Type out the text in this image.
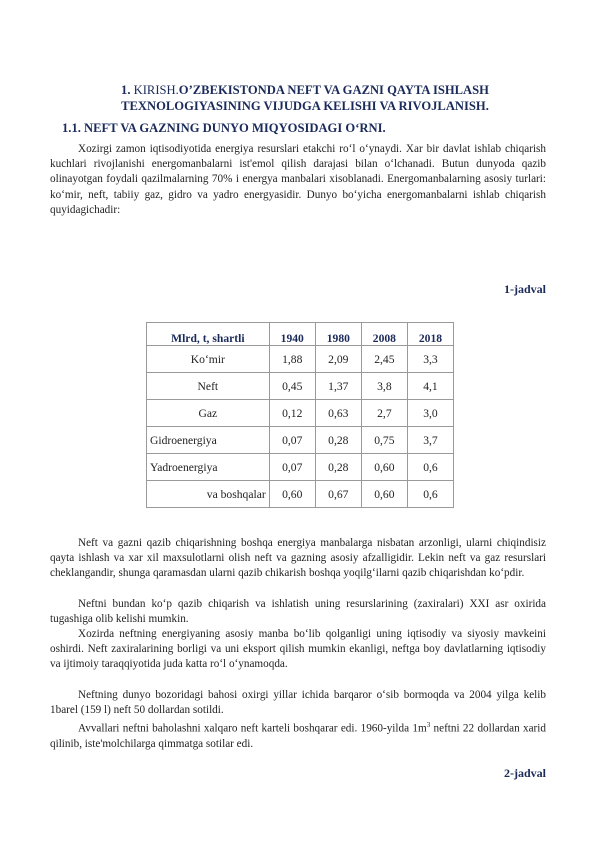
1. KIRISH.O’ZBEKISTONDA NEFT VA GAZNI QAYTA ISHLASH TEXNOLOGIYASINING VIJUDGA KELISHI VA RIVOJLANISH.
1.1. NEFT VA GAZNING DUNYO MIQYOSIDAGI O‘RNI.

Xozirgi zamon iqtisodiyotida energiya resurslari etakchi ro‘l o‘ynaydi. Xar bir davlat ishlab chiqarish kuchlari rivojlanishi energomanbalarni ist'emol qilish darajasi bilan o‘lchanadi. Butun dunyoda qazib olinayotgan foydali qazilmalarning 70% i energya manbalari xisoblanadi. Energomanbalarning asosiy turlari: ko‘mir, neft, tabiiy gaz, gidro va yadro energyasidir. Dunyo bo‘yicha energomanbalarni ishlab chiqarish quyidagichadir:

1-jadval
Mlrd, t, shartli	1940	1980	2008	2018
Ko‘mir	1,88	2,09	2,45	3,3
Neft	0,45	1,37	3,8	4,1
Gaz	0,12	0,63	2,7	3,0
Gidroenergiya	0,07	0,28	0,75	3,7
Yadroenergiya	0,07	0,28	0,60	0,6
va boshqalar	0,60	0,67	0,60	0,6

Neft va gazni qazib chiqarishning boshqa energiya manbalarga nisbatan arzonligi, ularni chiqindisiz qayta ishlash va xar xil maxsulotlarni olish neft va gazning asosiy afzalligidir. Lekin neft va gaz resurslari cheklangandir, shunga qaramasdan ularni qazib chikarish boshqa yoqilg‘ilarni qazib chiqarishdan ko‘pdir.

Neftni bundan ko‘p qazib chiqarish va ishlatish uning resurslarining (zaxiralari) XXI asr oxirida tugashiga olib kelishi mumkin.

Xozirda neftning energiyaning asosiy manba bo‘lib qolganligi uning iqtisodiy va siyosiy mavkeini oshirdi. Neft zaxiralarining borligi va uni eksport qilish mumkin ekanligi, neftga boy davlatlarning iqtisodiy va ijtimoiy taraqqiyotida juda katta ro‘l o‘ynamoqda.

Neftning dunyo bozoridagi bahosi oxirgi yillar ichida barqaror o‘sib bormoqda va 2004 yilga kelib 1barel (159 l) neft 50 dollardan sotildi.

Avvallari neftni baholashni xalqaro neft karteli boshqarar edi. 1960-yilda $1m^3$ neftni 22 dollardan xarid qilinib, iste'molchilarga qimmatga sotilar edi.

2-jadval
